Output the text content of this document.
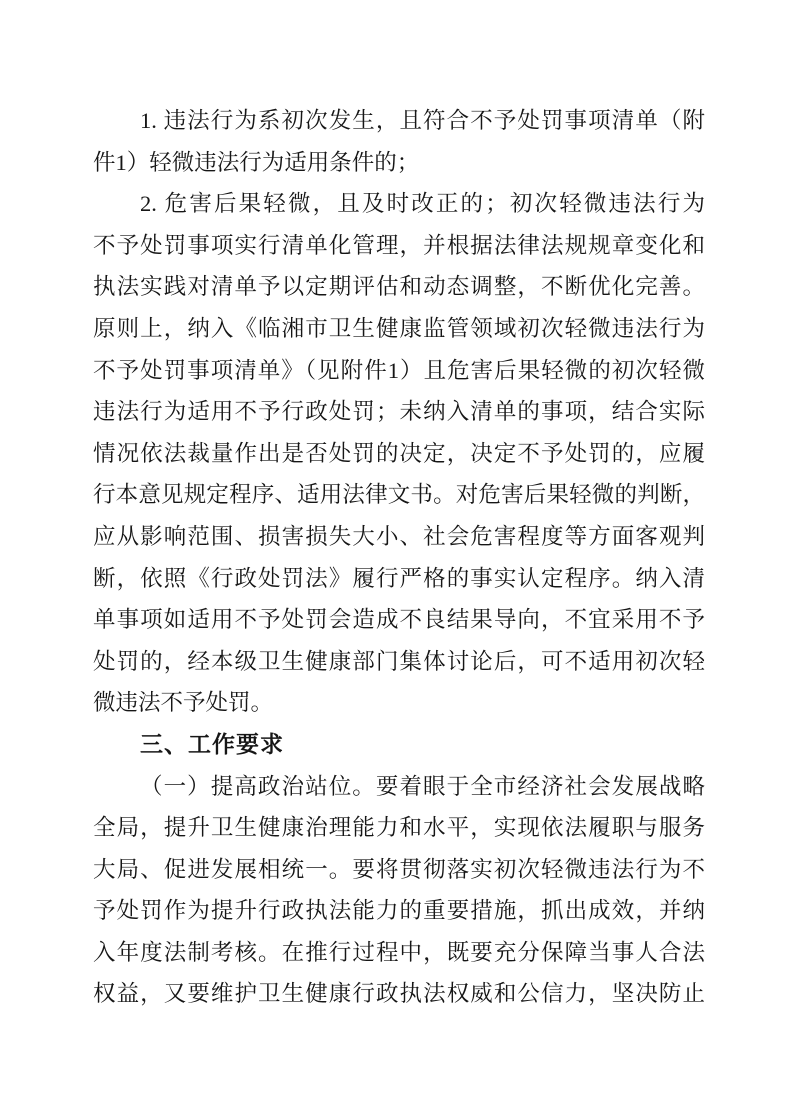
1. 违法行为系初次发生，且符合不予处罚事项清单（附
件1）轻微违法行为适用条件的；
2. 危害后果轻微，且及时改正的；初次轻微违法行为
不予处罚事项实行清单化管理，并根据法律法规规章变化和
执法实践对清单予以定期评估和动态调整，不断优化完善。
原则上，纳入《临湘市卫生健康监管领域初次轻微违法行为
不予处罚事项清单》（见附件1）且危害后果轻微的初次轻微
违法行为适用不予行政处罚；未纳入清单的事项，结合实际
情况依法裁量作出是否处罚的决定，决定不予处罚的，应履
行本意见规定程序、适用法律文书。对危害后果轻微的判断，
应从影响范围、损害损失大小、社会危害程度等方面客观判
断，依照《行政处罚法》履行严格的事实认定程序。纳入清
单事项如适用不予处罚会造成不良结果导向，不宜采用不予
处罚的，经本级卫生健康部门集体讨论后，可不适用初次轻
微违法不予处罚。
三、工作要求
（一）提高政治站位。要着眼于全市经济社会发展战略
全局，提升卫生健康治理能力和水平，实现依法履职与服务
大局、促进发展相统一。要将贯彻落实初次轻微违法行为不
予处罚作为提升行政执法能力的重要措施，抓出成效，并纳
入年度法制考核。在推行过程中，既要充分保障当事人合法
权益，又要维护卫生健康行政执法权威和公信力，坚决防止
